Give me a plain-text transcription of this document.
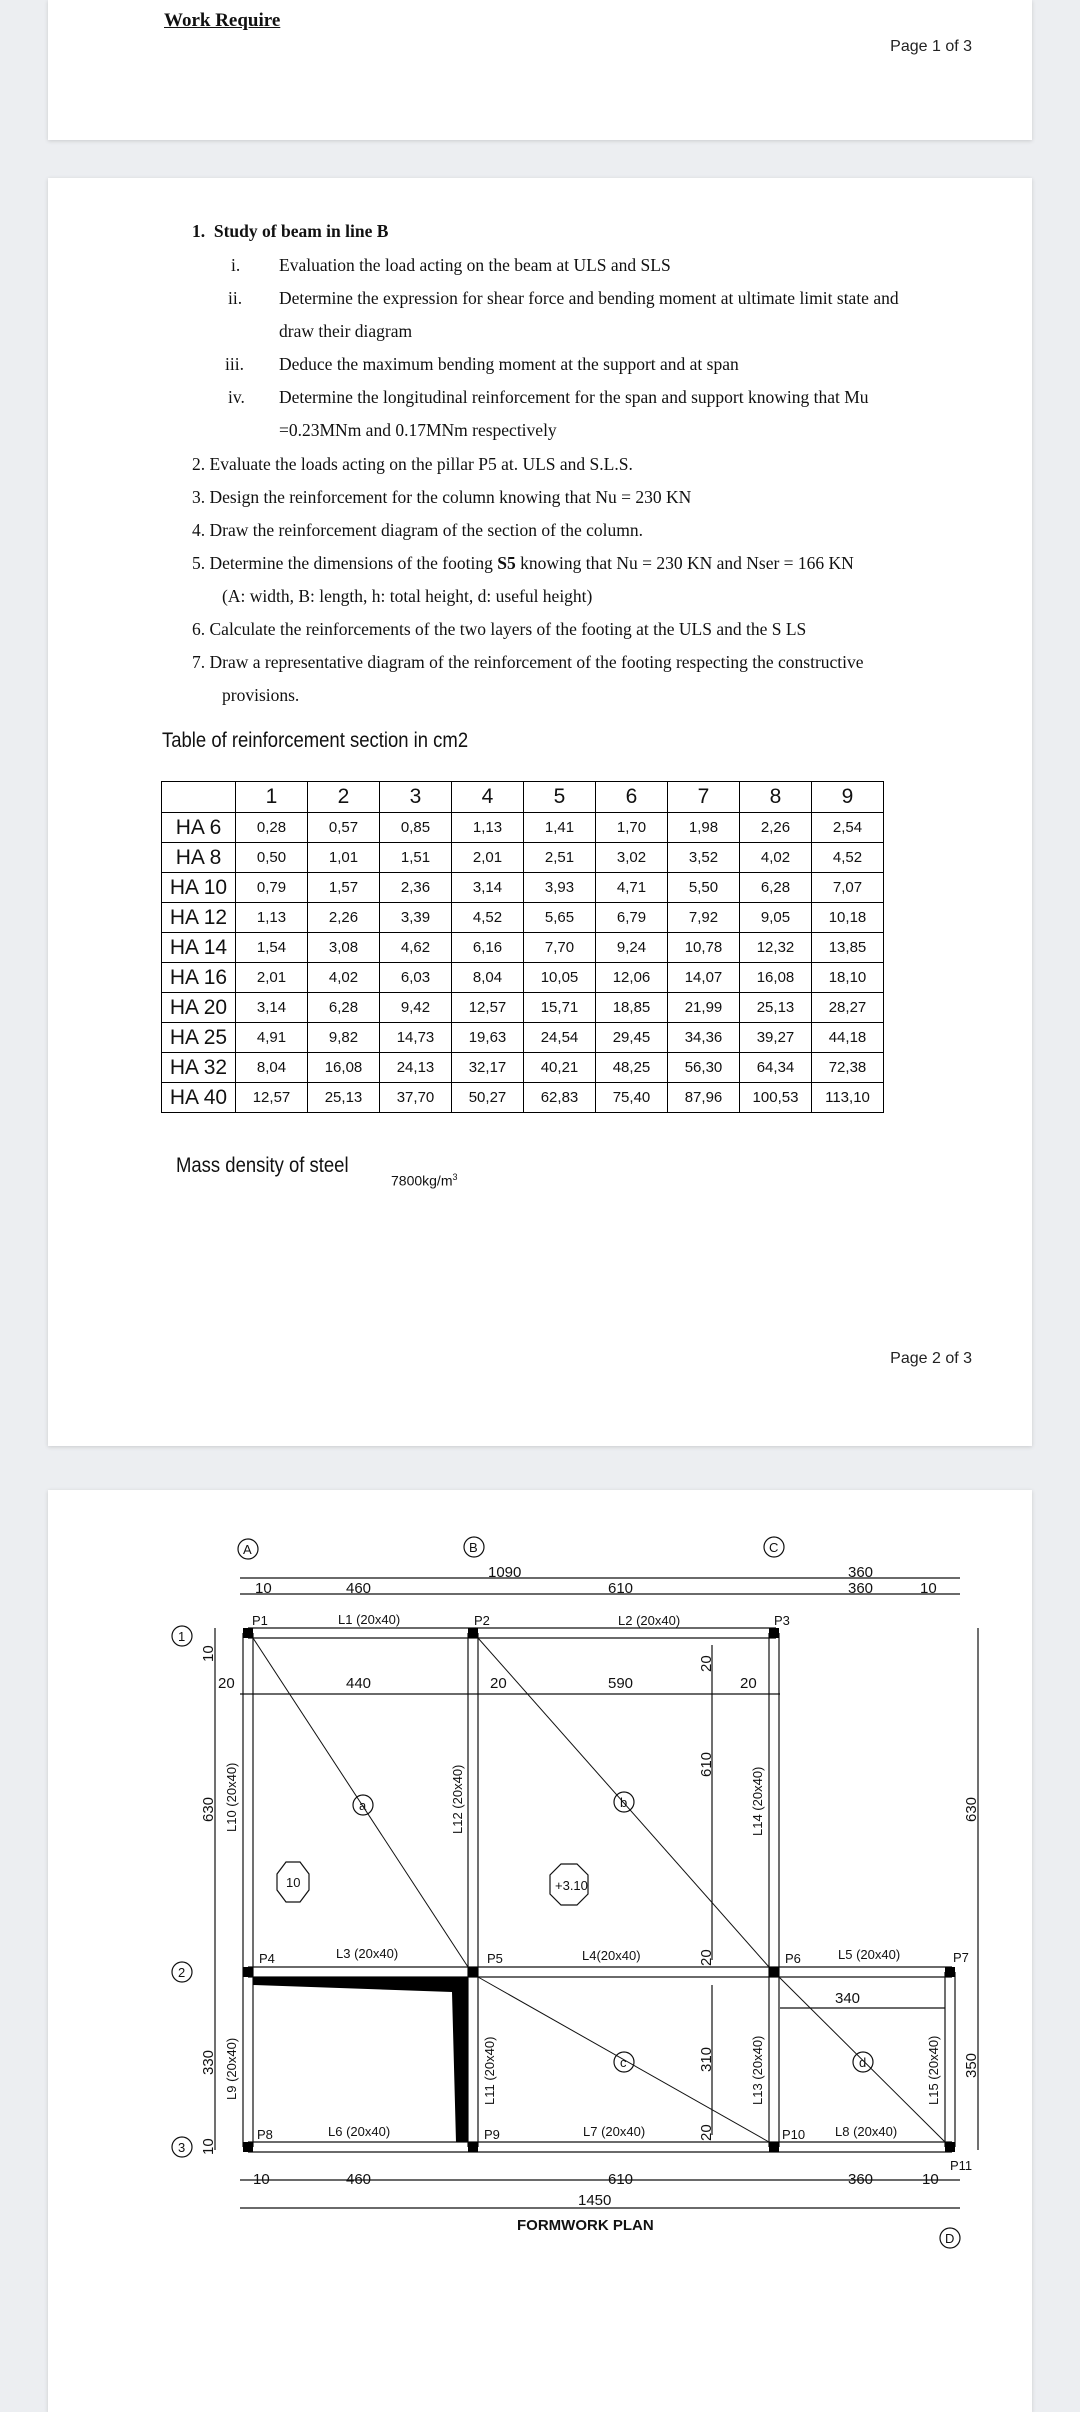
Work Require
Page 1 of 3
1. Study of beam in line B
i. Evaluation the load acting on the beam at ULS and SLS
ii. Determine the expression for shear force and bending moment at ultimate limit state and
draw their diagram
iii. Deduce the maximum bending moment at the support and at span
iv. Determine the longitudinal reinforcement for the span and support knowing that Mu
=0.23MNm and 0.17MNm respectively
2. Evaluate the loads acting on the pillar P5 at. ULS and S.L.S.
3. Design the reinforcement for the column knowing that Nu = 230 KN
4. Draw the reinforcement diagram of the section of the column.
5. Determine the dimensions of the footing S5 knowing that Nu = 230 KN and Nser = 166 KN
(A: width, B: length, h: total height, d: useful height)
6. Calculate the reinforcements of the two layers of the footing at the ULS and the S LS
7. Draw a representative diagram of the reinforcement of the footing respecting the constructive
provisions.
Table of reinforcement section in cm2
	1	2	3	4	5	6	7	8	9
HA 6	0,28	0,57	0,85	1,13	1,41	1,70	1,98	2,26	2,54
HA 8	0,50	1,01	1,51	2,01	2,51	3,02	3,52	4,02	4,52
HA 10	0,79	1,57	2,36	3,14	3,93	4,71	5,50	6,28	7,07
HA 12	1,13	2,26	3,39	4,52	5,65	6,79	7,92	9,05	10,18
HA 14	1,54	3,08	4,62	6,16	7,70	9,24	10,78	12,32	13,85
HA 16	2,01	4,02	6,03	8,04	10,05	12,06	14,07	16,08	18,10
HA 20	3,14	6,28	9,42	12,57	15,71	18,85	21,99	25,13	28,27
HA 25	4,91	9,82	14,73	19,63	24,54	29,45	34,36	39,27	44,18
HA 32	8,04	16,08	24,13	32,17	40,21	48,25	56,30	64,34	72,38
HA 40	12,57	25,13	37,70	50,27	62,83	75,40	87,96	100,53	113,10
Mass density of steel
$7800kg/m^3$
Page 2 of 3
A	B	C
D
1
2
3
1090	360
360
10	460	610	10
440	590
20	20	20
340
10	460	610	360	10
1450
610
310
20
20
20
630	630
330	350
10
10
P1	P2	P3
P4	P5	P6	P7
P8	P9	P10
P11
L1 (20x40)	L2 (20x40)
L3 (20x40)	L4(20x40)	L5 (20x40)
L6 (20x40)	L7 (20x40)	L8 (20x40)
L9 (20x40)
L10 (20x40)
L11 (20x40)
L12 (20x40)
L13 (20x40)
L14 (20x40)
L15 (20x40)
a	b
c	d
10	+3.10
FORMWORK PLAN
